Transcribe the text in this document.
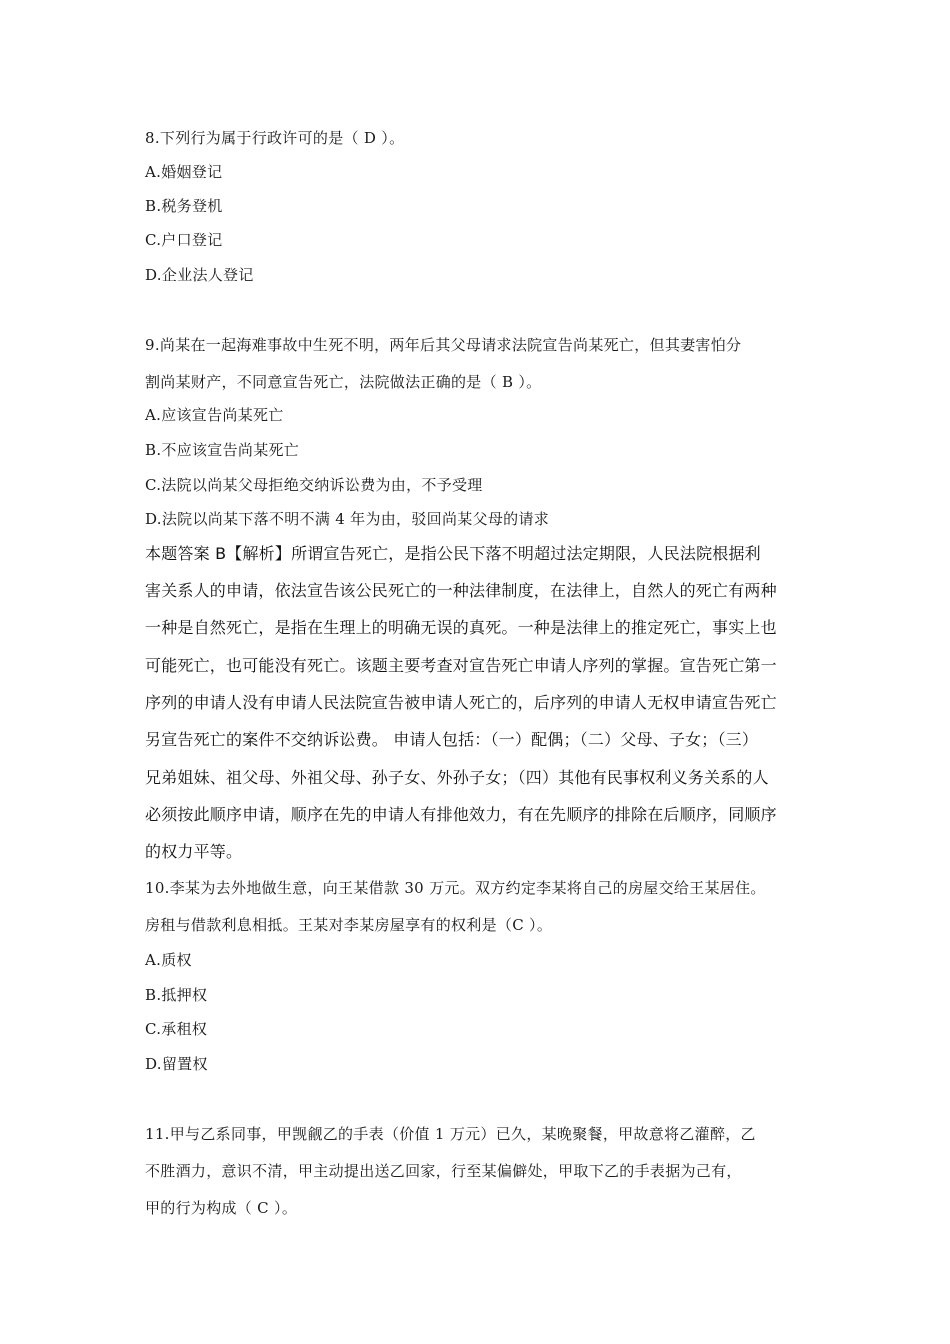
8.下列行为属于行政许可的是（ D ）。
A.婚姻登记
B.税务登机
C.户口登记
D.企业法人登记
9.尚某在一起海难事故中生死不明，两年后其父母请求法院宣告尚某死亡，但其妻害怕分
割尚某财产，不同意宣告死亡，法院做法正确的是（ B ）。
A.应该宣告尚某死亡
B.不应该宣告尚某死亡
C.法院以尚某父母拒绝交纳诉讼费为由，不予受理
D.法院以尚某下落不明不满 4 年为由，驳回尚某父母的请求
本题答案 B【解析】所谓宣告死亡，是指公民下落不明超过法定期限，人民法院根据利
害关系人的申请，依法宣告该公民死亡的一种法律制度，在法律上，自然人的死亡有两种
一种是自然死亡，是指在生理上的明确无误的真死。一种是法律上的推定死亡，事实上也
可能死亡，也可能没有死亡。该题主要考查对宣告死亡申请人序列的掌握。宣告死亡第一
序列的申请人没有申请人民法院宣告被申请人死亡的，后序列的申请人无权申请宣告死亡
另宣告死亡的案件不交纳诉讼费。 申请人包括：（一）配偶；（二）父母、子女；（三）
兄弟姐妹、祖父母、外祖父母、孙子女、外孙子女；（四）其他有民事权利义务关系的人
必须按此顺序申请，顺序在先的申请人有排他效力，有在先顺序的排除在后顺序，同顺序
的权力平等。
10.李某为去外地做生意，向王某借款 30 万元。双方约定李某将自己的房屋交给王某居住。
房租与借款利息相抵。王某对李某房屋享有的权利是（C ）。
A.质权
B.抵押权
C.承租权
D.留置权
11.甲与乙系同事，甲觊觎乙的手表（价值 1 万元）已久，某晚聚餐，甲故意将乙灌醉，乙
不胜酒力，意识不清，甲主动提出送乙回家，行至某偏僻处，甲取下乙的手表据为己有，
甲的行为构成（ C ）。
